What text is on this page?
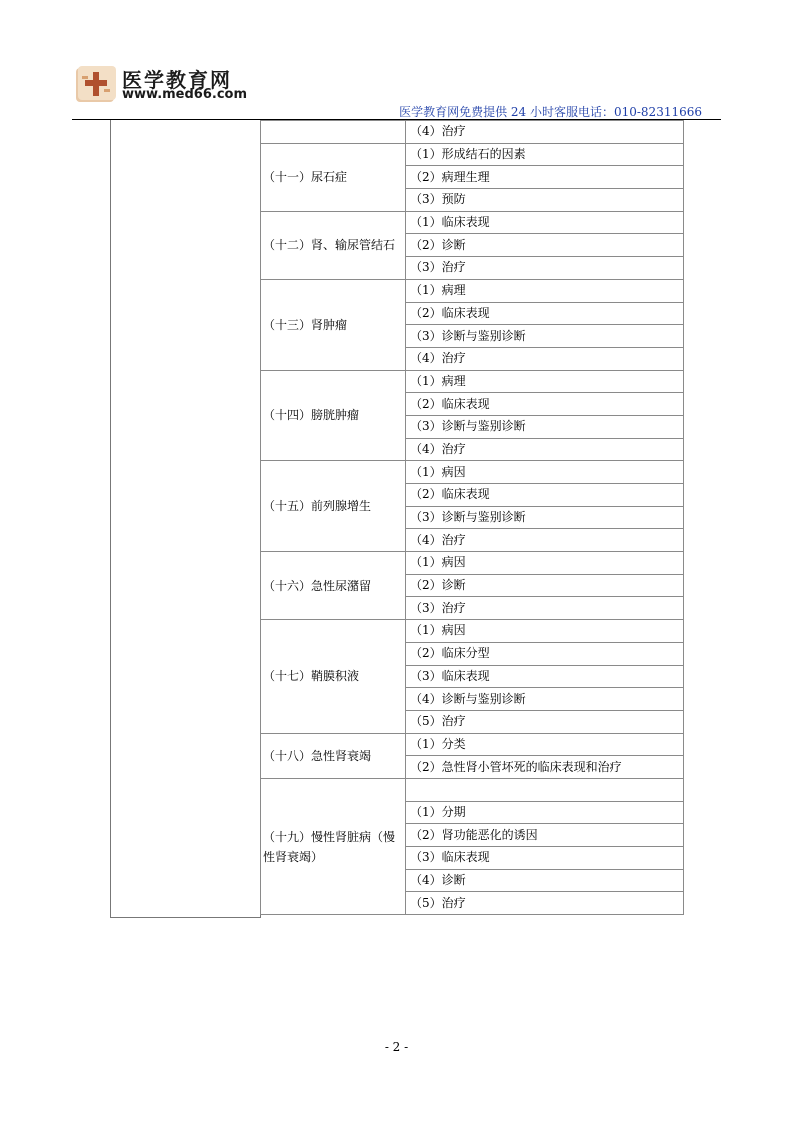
医学教育网
www.med66.com
医学教育网免费提供 24 小时客服电话：010-82311666
	（4）治疗
（十一）尿石症	（1）形成结石的因素
	（2）病理生理
	（3）预防
（十二）肾、输尿管结石	（1）临床表现
	（2）诊断
	（3）治疗
（十三）肾肿瘤	（1）病理
	（2）临床表现
	（3）诊断与鉴别诊断
	（4）治疗
（十四）膀胱肿瘤	（1）病理
	（2）临床表现
	（3）诊断与鉴别诊断
	（4）治疗
（十五）前列腺增生	（1）病因
	（2）临床表现
	（3）诊断与鉴别诊断
	（4）治疗
（十六）急性尿潴留	（1）病因
	（2）诊断
	（3）治疗
（十七）鞘膜积液	（1）病因
	（2）临床分型
	（3）临床表现
	（4）诊断与鉴别诊断
	（5）治疗
（十八）急性肾衰竭	（1）分类
	（2）急性肾小管坏死的临床表现和治疗
（十九）慢性肾脏病（慢性肾衰竭）	
	（1）分期
	（2）肾功能恶化的诱因
	（3）临床表现
	（4）诊断
	（5）治疗
- 2 -
